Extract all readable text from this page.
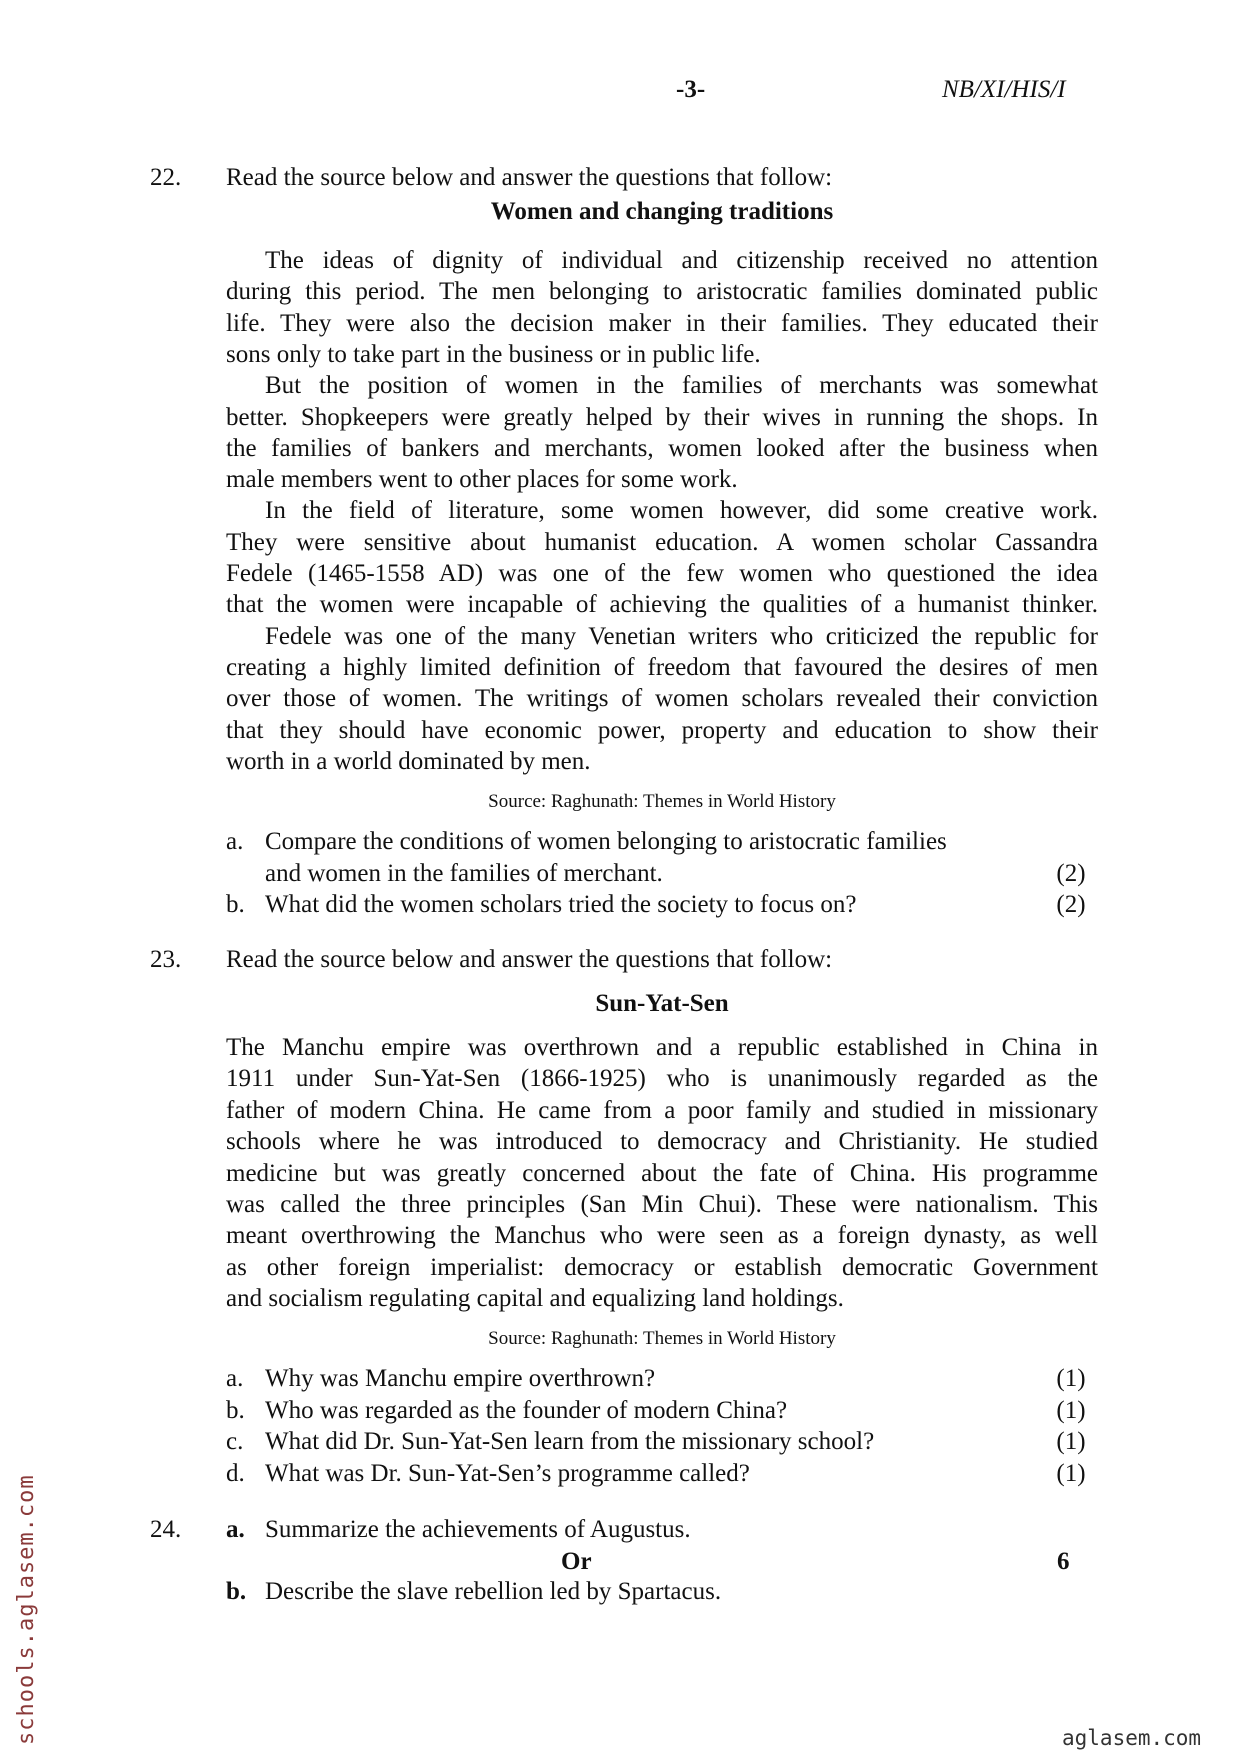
-3-	NB/XI/HIS/I
22. Read the source below and answer the questions that follow:
Women and changing traditions
The ideas of dignity of individual and citizenship received no attention
during this period. The men belonging to aristocratic families dominated public
life. They were also the decision maker in their families. They educated their
sons only to take part in the business or in public life.
But the position of women in the families of merchants was somewhat
better. Shopkeepers were greatly helped by their wives in running the shops. In
the families of bankers and merchants, women looked after the business when
male members went to other places for some work.
In the field of literature, some women however, did some creative work.
They were sensitive about humanist education. A women scholar Cassandra
Fedele (1465-1558 AD) was one of the few women who questioned the idea
that the women were incapable of achieving the qualities of a humanist thinker.
Fedele was one of the many Venetian writers who criticized the republic for
creating a highly limited definition of freedom that favoured the desires of men
over those of women. The writings of women scholars revealed their conviction
that they should have economic power, property and education to show their
worth in a world dominated by men.
Source: Raghunath: Themes in World History
a. Compare the conditions of women belonging to aristocratic families
and women in the families of merchant.	(2)
b. What did the women scholars tried the society to focus on?	(2)
23. Read the source below and answer the questions that follow:
Sun-Yat-Sen
The Manchu empire was overthrown and a republic established in China in
1911 under Sun-Yat-Sen (1866-1925) who is unanimously regarded as the
father of modern China. He came from a poor family and studied in missionary
schools where he was introduced to democracy and Christianity. He studied
medicine but was greatly concerned about the fate of China. His programme
was called the three principles (San Min Chui). These were nationalism. This
meant overthrowing the Manchus who were seen as a foreign dynasty, as well
as other foreign imperialist: democracy or establish democratic Government
and socialism regulating capital and equalizing land holdings.
Source: Raghunath: Themes in World History
a. Why was Manchu empire overthrown?	(1)
b. Who was regarded as the founder of modern China?	(1)
c. What did Dr. Sun-Yat-Sen learn from the missionary school?	(1)
d. What was Dr. Sun-Yat-Sen’s programme called?	(1)
24. a. Summarize the achievements of Augustus.
Or	6
b. Describe the slave rebellion led by Spartacus.
schools.aglasem.com	aglasem.com
